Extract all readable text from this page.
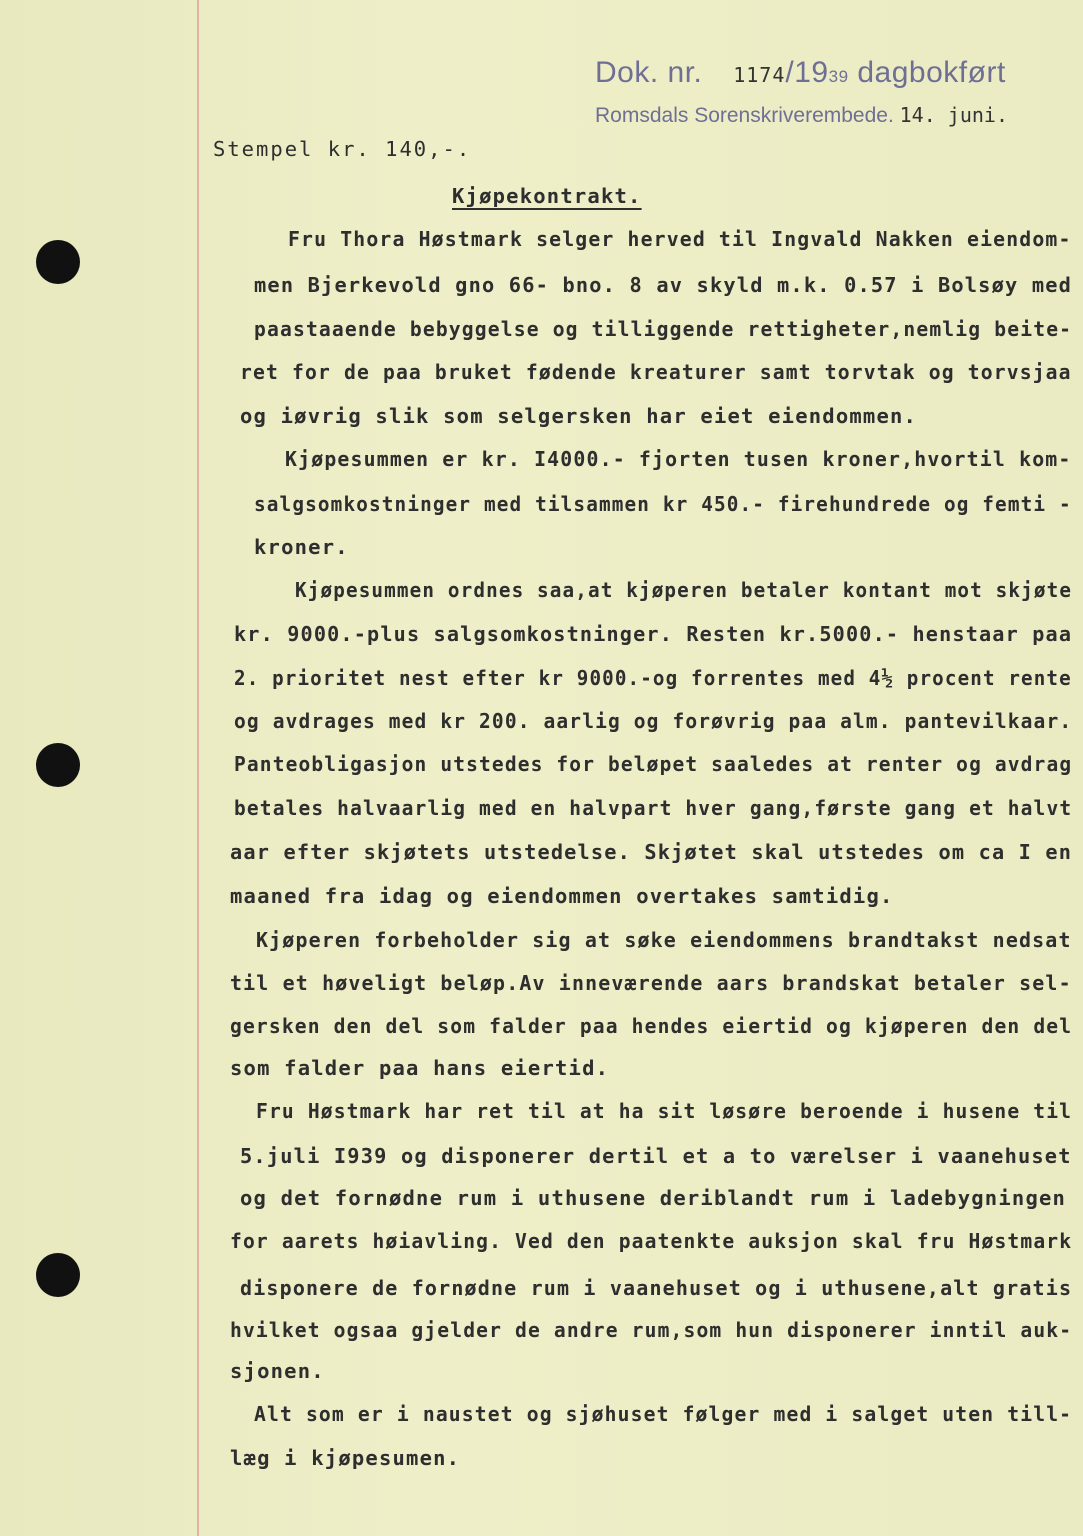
Dok. nr. 1174/1939 dagbokført
Romsdals Sorenskriverembede. 14. juni.
Stempel kr. 140,-.
Kjøpekontrakt.
Fru Thora Høstmark selger herved til Ingvald Nakken eiendom-
men Bjerkevold gno 66- bno. 8 av skyld m.k. 0.57 i Bolsøy med
paastaaende bebyggelse og tilliggende rettigheter,nemlig beite-
ret for de paa bruket fødende kreaturer samt torvtak og torvsjaa
og iøvrig slik som selgersken har eiet eiendommen.
Kjøpesummen er kr. I4000.- fjorten tusen kroner,hvortil kom-
salgsomkostninger med tilsammen kr 450.- firehundrede og femti -
kroner.
Kjøpesummen ordnes saa,at kjøperen betaler kontant mot skjøte
kr. 9000.-plus salgsomkostninger. Resten kr.5000.- henstaar paa
2. prioritet nest efter kr 9000.-og forrentes med 4½ procent rente
og avdrages med kr 200. aarlig og forøvrig paa alm. pantevilkaar.
Panteobligasjon utstedes for beløpet saaledes at renter og avdrag
betales halvaarlig med en halvpart hver gang,første gang et halvt
aar efter skjøtets utstedelse. Skjøtet skal utstedes om ca I en
maaned fra idag og eiendommen overtakes samtidig.
Kjøperen forbeholder sig at søke eiendommens brandtakst nedsat
til et høveligt beløp.Av inneværende aars brandskat betaler sel-
gersken den del som falder paa hendes eiertid og kjøperen den del
som falder paa hans eiertid.
Fru Høstmark har ret til at ha sit løsøre beroende i husene til
5.juli I939 og disponerer dertil et a to værelser i vaanehuset
og det fornødne rum i uthusene deriblandt rum i ladebygningen
for aarets høiavling. Ved den paatenkte auksjon skal fru Høstmark
disponere de fornødne rum i vaanehuset og i uthusene,alt gratis
hvilket ogsaa gjelder de andre rum,som hun disponerer inntil auk-
sjonen.
Alt som er i naustet og sjøhuset følger med i salget uten till-
læg i kjøpesumen.
